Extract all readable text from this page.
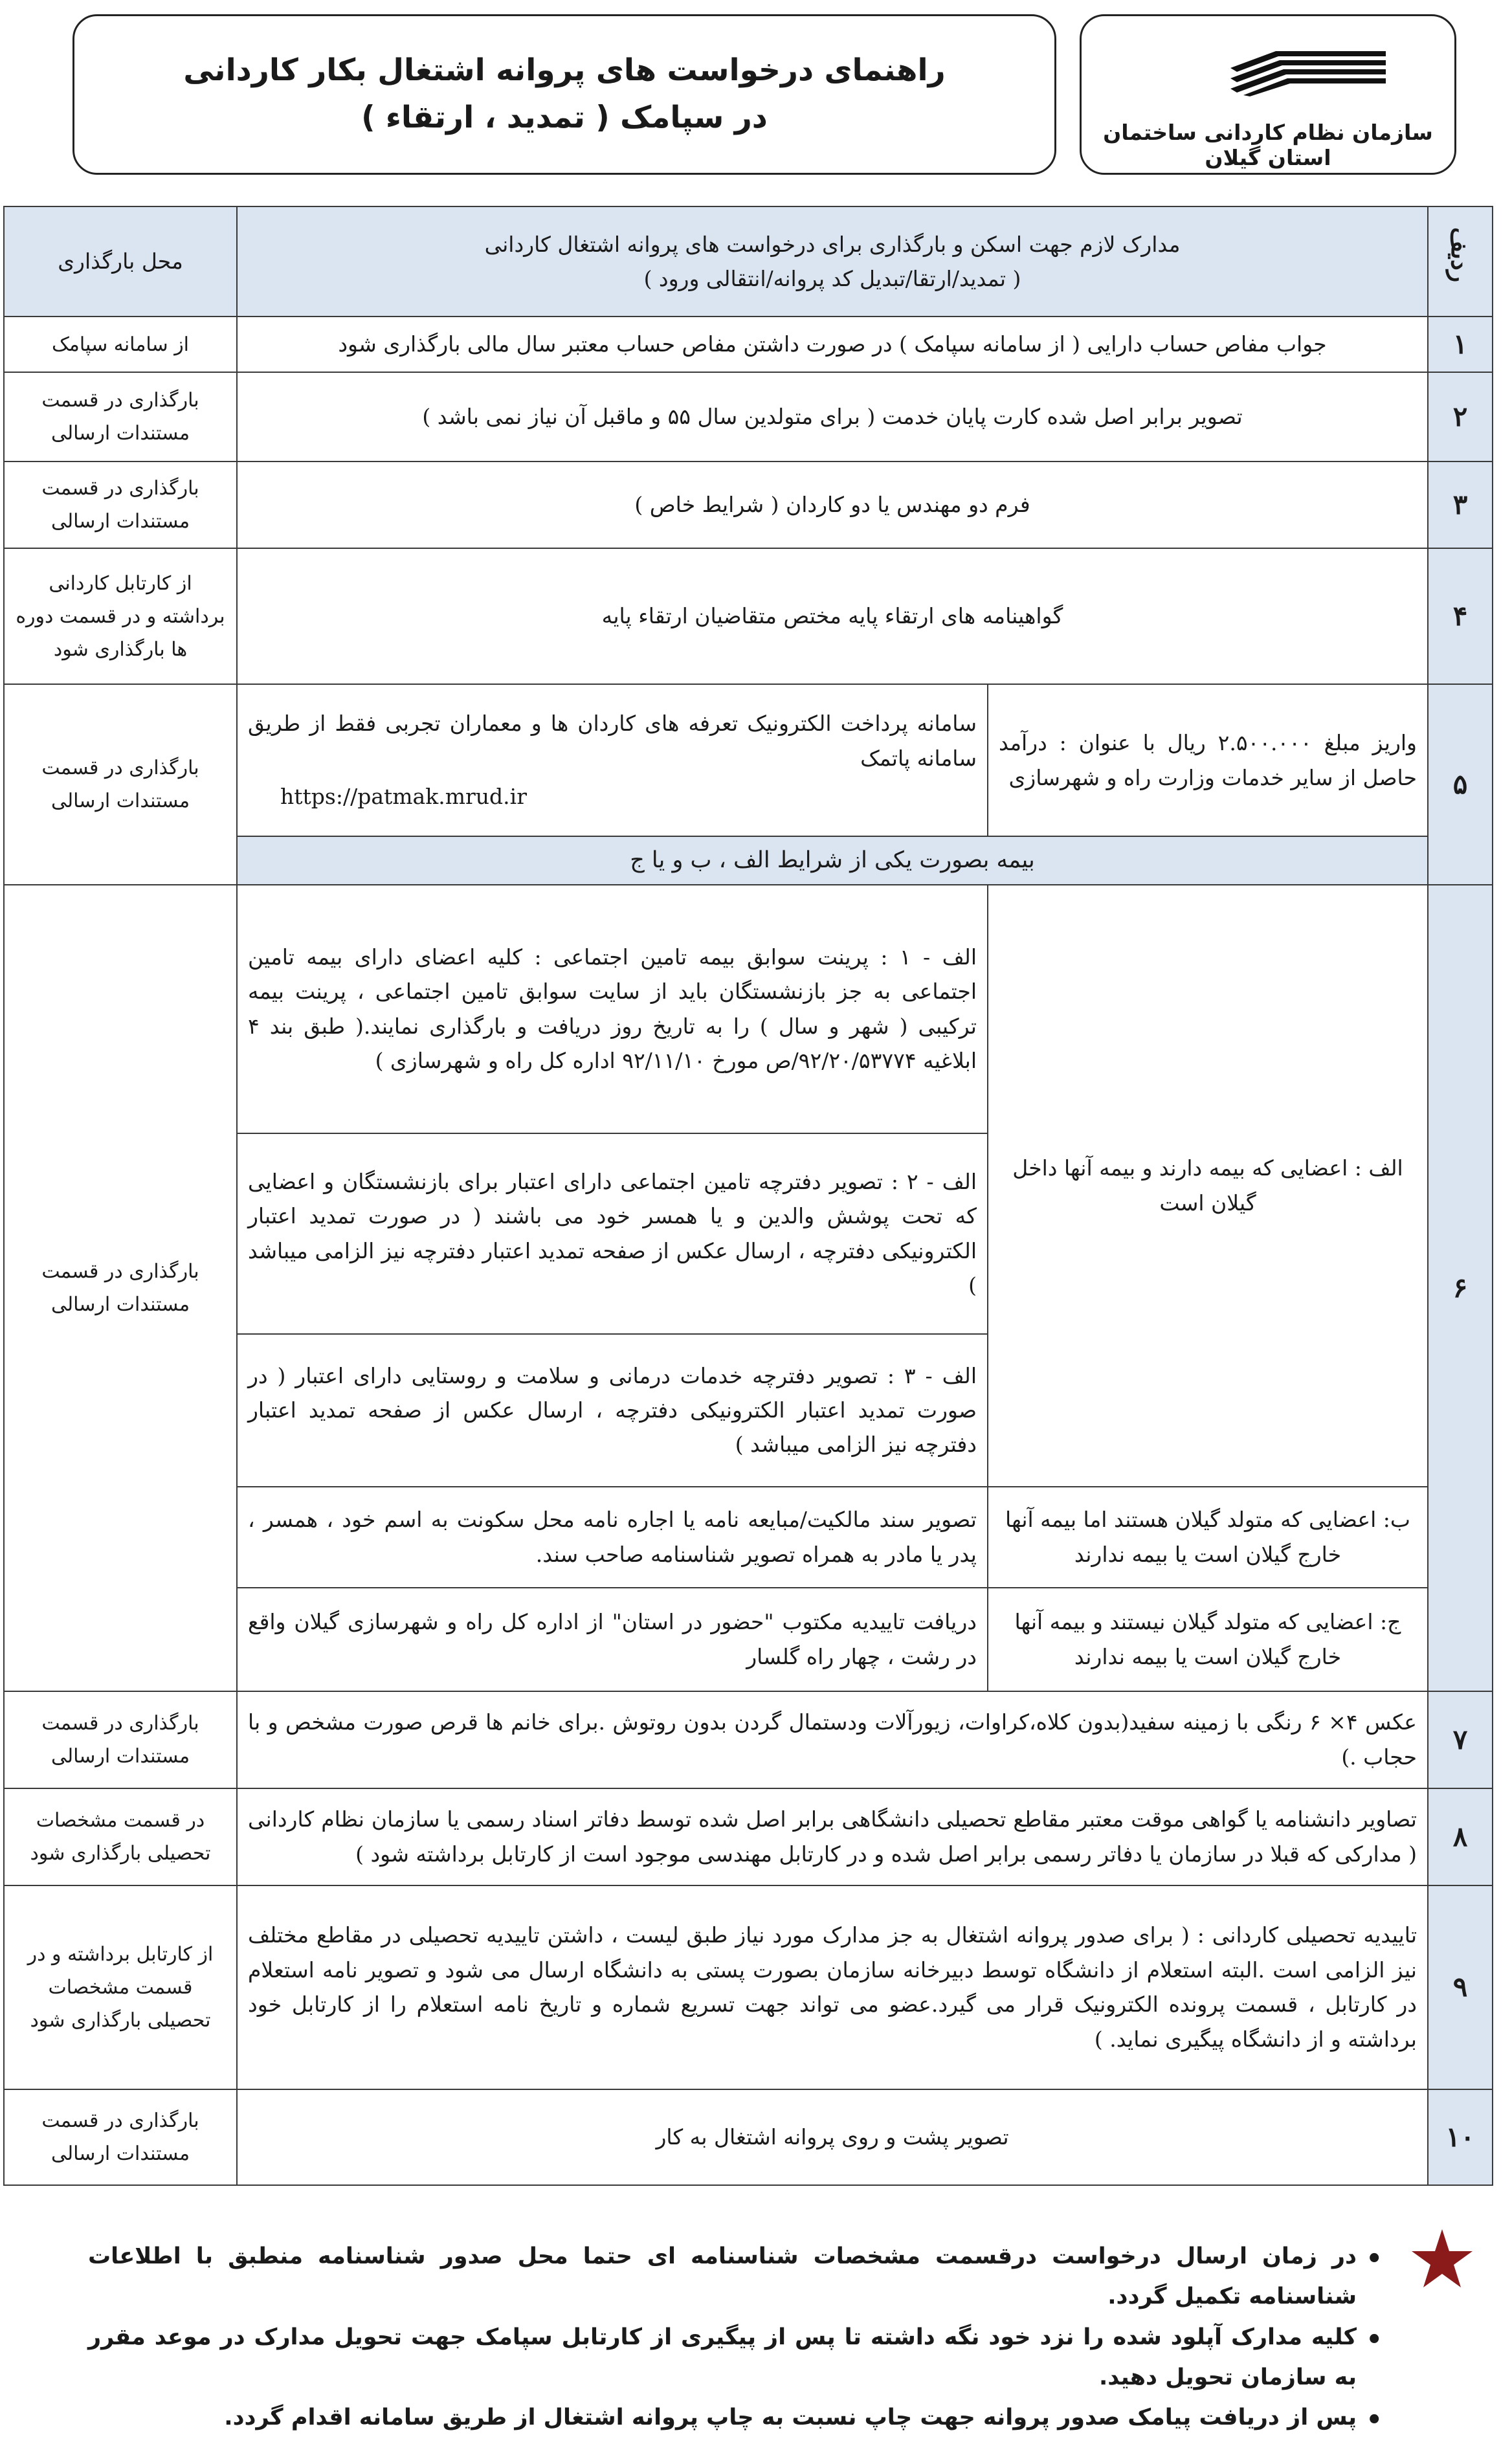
سازمان نظام کاردانی ساختمان استان گیلان
راهنمای درخواست های پروانه اشتغال بکار کاردانی
در سپامک ( تمدید ، ارتقاء )
ردیف	مدارک لازم جهت اسکن و بارگذاری برای درخواست های پروانه اشتغال کاردانی
( تمدید/ارتقا/تبدیل کد پروانه/انتقالی ورود )		محل بارگذاری
۱	جواب مفاص حساب دارایی ( از سامانه سپامک ) در صورت داشتن مفاص حساب معتبر سال مالی بارگذاری شود		از سامانه سپامک
۲	تصویر برابر اصل شده کارت پایان خدمت ( برای متولدین سال ۵۵ و ماقبل آن نیاز نمی باشد )		بارگذاری در قسمت مستندات ارسالی
۳	فرم دو مهندس یا دو کاردان ( شرایط خاص )		بارگذاری در قسمت مستندات ارسالی
۴	گواهینامه های ارتقاء پایه مختص متقاضیان ارتقاء پایه		از کارتابل کاردانی برداشته و در قسمت دوره ها بارگذاری شود
۵	واریز مبلغ ۲.۵۰۰.۰۰۰ ریال با عنوان : درآمد حاصل از سایر خدمات وزارت راه و شهرسازی	سامانه پرداخت الکترونیک تعرفه های کاردان ها و معماران تجربی فقط از طریق سامانه پاتمک
https://patmak.mrud.ir	بارگذاری در قسمت مستندات ارسالی
	بیمه بصورت یکی از شرایط الف ، ب و یا ج		
۶	الف : اعضایی که بیمه دارند و بیمه آنها داخل گیلان است	الف - ۱ : پرینت سوابق بیمه تامین اجتماعی : کلیه اعضای دارای بیمه تامین اجتماعی به جز بازنشستگان باید از سایت سوابق تامین اجتماعی ، پرینت بیمه ترکیبی ( شهر و سال ) را به تاریخ روز دریافت و بارگذاری نمایند.( طبق بند ۴ ابلاغیه ۹۲/۲۰/۵۳۷۷۴/ص مورخ ۹۲/۱۱/۱۰ اداره کل راه و شهرسازی )	بارگذاری در قسمت مستندات ارسالی
		الف - ۲ : تصویر دفترچه تامین اجتماعی دارای اعتبار برای بازنشستگان و اعضایی که تحت پوشش والدین و یا همسر خود می باشند ( در صورت تمدید اعتبار الکترونیکی دفترچه ، ارسال عکس از صفحه تمدید اعتبار دفترچه نیز الزامی میباشد )	
		الف - ۳ : تصویر دفترچه خدمات درمانی و سلامت و روستایی دارای اعتبار ( در صورت تمدید اعتبار الکترونیکی دفترچه ، ارسال عکس از صفحه تمدید اعتبار دفترچه نیز الزامی میباشد )	
	ب: اعضایی که متولد گیلان هستند اما بیمه آنها خارج گیلان است یا بیمه ندارند	تصویر سند مالکیت/مبایعه نامه یا اجاره نامه محل سکونت به اسم خود ، همسر ، پدر یا مادر به همراه تصویر شناسنامه صاحب سند.	
	ج: اعضایی که متولد گیلان نیستند و بیمه آنها خارج گیلان است یا بیمه ندارند	دریافت تاییدیه مکتوب "حضور در استان" از اداره کل راه و شهرسازی گیلان واقع در رشت ، چهار راه گلسار	
۷	عکس ۴× ۶ رنگی با زمینه سفید(بدون کلاه،کراوات، زیورآلات ودستمال گردن بدون روتوش .برای خانم ها قرص صورت مشخص و با حجاب .)		بارگذاری در قسمت مستندات ارسالی
۸	تصاویر دانشنامه یا گواهی موقت معتبر مقاطع تحصیلی دانشگاهی برابر اصل شده توسط دفاتر اسناد رسمی یا سازمان نظام کاردانی ( مدارکی که قبلا در سازمان یا دفاتر رسمی برابر اصل شده و در کارتابل مهندسی موجود است از کارتابل برداشته شود )		در قسمت مشخصات تحصیلی بارگذاری شود
۹	تاییدیه تحصیلی کاردانی : ( برای صدور پروانه اشتغال به جز مدارک مورد نیاز طبق لیست ، داشتن تاییدیه تحصیلی در مقاطع مختلف نیز الزامی است .البته استعلام از دانشگاه توسط دبیرخانه سازمان بصورت پستی به دانشگاه ارسال می شود و تصویر نامه استعلام در کارتابل ، قسمت پرونده الکترونیک قرار می گیرد.عضو می تواند جهت تسریع شماره و تاریخ نامه استعلام را از کارتابل خود برداشته و از دانشگاه پیگیری نماید. )		از کارتابل برداشته و در قسمت مشخصات تحصیلی بارگذاری شود
۱۰	تصویر پشت و روی پروانه اشتغال به کار		بارگذاری در قسمت مستندات ارسالی
•
در زمان ارسال درخواست درقسمت مشخصات شناسنامه ای حتما محل صدور شناسنامه منطبق با اطلاعات شناسنامه تکمیل گردد.
•
کلیه مدارک آپلود شده را نزد خود نگه داشته تا پس از پیگیری از کارتابل سپامک جهت تحویل مدارک در موعد مقرر به سازمان تحویل دهید.
•
پس از دریافت پیامک صدور پروانه جهت چاپ نسبت به چاپ پروانه اشتغال از طریق سامانه اقدام گردد.
